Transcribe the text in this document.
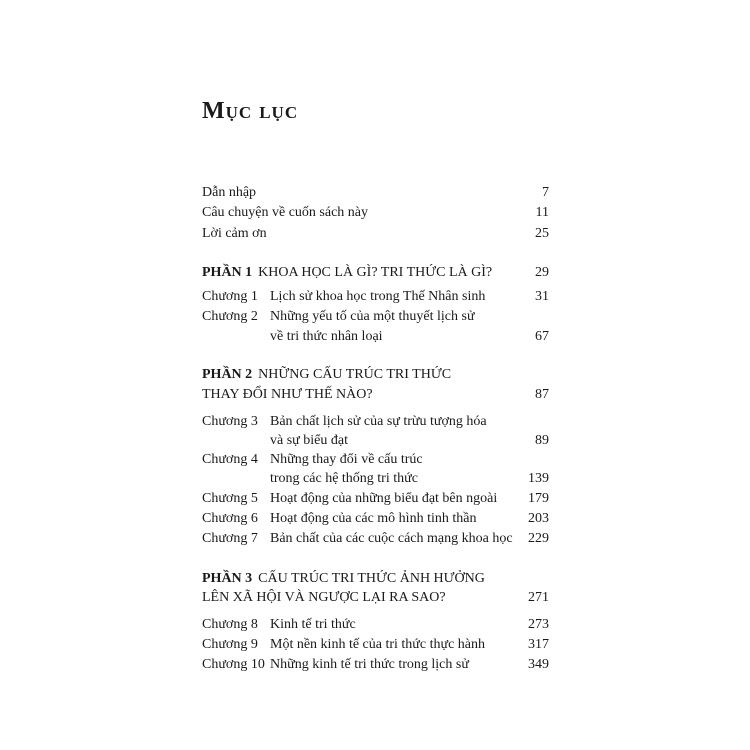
Mục lục
Dẫn nhập	7
Câu chuyện về cuốn sách này	11
Lời cảm ơn	25
PHẦN 1 KHOA HỌC LÀ GÌ? TRI THỨC LÀ GÌ?	29
Chương 1 Lịch sử khoa học trong Thế Nhân sinh	31
Chương 2 Những yếu tố của một thuyết lịch sử
về tri thức nhân loại	67
PHẦN 2 NHỮNG CẤU TRÚC TRI THỨC
THAY ĐỔI NHƯ THẾ NÀO?	87
Chương 3 Bản chất lịch sử của sự trừu tượng hóa
và sự biểu đạt	89
Chương 4 Những thay đổi về cấu trúc
trong các hệ thống tri thức	139
Chương 5 Hoạt động của những biểu đạt bên ngoài 179
Chương 6 Hoạt động của các mô hình tinh thần	203
Chương 7 Bản chất của các cuộc cách mạng khoa học 229
PHẦN 3 CẤU TRÚC TRI THỨC ẢNH HƯỞNG
LÊN XÃ HỘI VÀ NGƯỢC LẠI RA SAO?	271
Chương 8 Kinh tế tri thức	273
Chương 9 Một nền kinh tế của tri thức thực hành	317
Chương 10 Những kinh tế tri thức trong lịch sử	349
